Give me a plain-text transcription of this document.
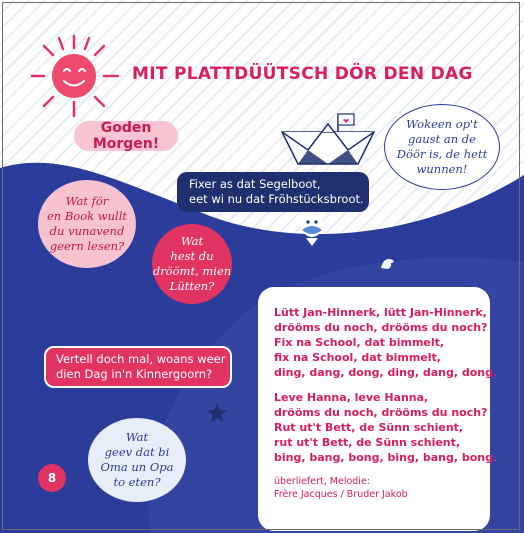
MIT PLATTDÜÜTSCH DÖR DEN DAG
Goden Morgen!
Wat för
en Book wullt
du vunavend
geern lesen?
Fixer as dat Segelboot,
eet wi nu dat Fröhstücksbroot.
Wat
hest du
dröömt, mien
Lütten?
Wokeen op't
gaust an de
Döör is, de hett
wunnen!
Vertell doch mal, woans weer
dien Dag in'n Kinnergoorn?
Wat
geev dat bi
Oma un Opa
to eten?
Lütt Jan-Hinnerk, lütt Jan-Hinnerk,
drööms du noch, drööms du noch?
Fix na School, dat bimmelt,
fix na School, dat bimmelt,
ding, dang, dong, ding, dang, dong.
Leve Hanna, leve Hanna,
drööms du noch, drööms du noch?
Rut ut't Bett, de Sünn schient,
rut ut't Bett, de Sünn schient,
bing, bang, bong, bing, bang, bong.
überliefert, Melodie:
Frère Jacques / Bruder Jakob
8
